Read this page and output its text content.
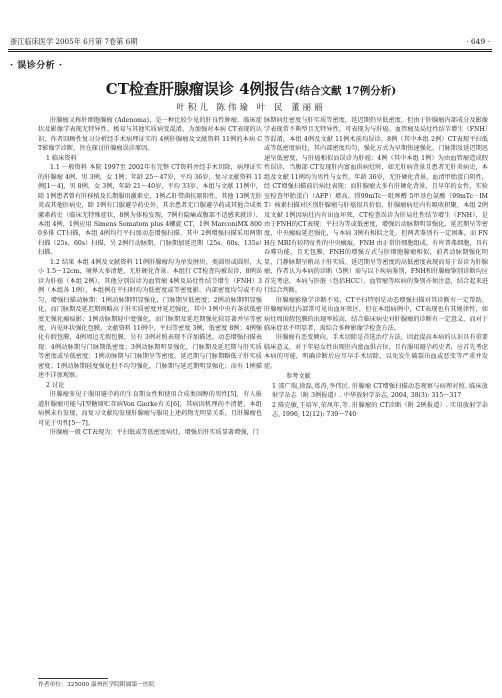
浙江临床医学 2005年 6月第 7卷第 6期	· 649 ·
· 误诊分析 ·
CT检查肝腺瘤误诊 4例报告(结合文献 17例分析)
叶积儿 陈伟瑜 叶 民 董丽丽

肝腺瘤又称肝细胞腺瘤 (Adenoma)，是一种比较少见的肝良性肿瘤，临床症状及影像学表现无特异性，极易与其他实质病变混淆，为加强对本病 CT表现的认识，作者回顾性复习分析经手术病理证实的 4例肝腺瘤及文献资料 11例的本病 CT影像学诊断，旨在探讨肝腺瘤误诊原因。

1 临床资料

1.1 一般资料 本院 1997至 2002年有完整 CT资料并经手术切除，病理证实的肝腺瘤 4例，男 3例，女 1例；年龄 25～47岁，平均 36岁，复习文献资料 11例[1～4]，男 8例，女 3例，年龄 21～40岁，平均 33岁，本组与文献 11例中，除 1例患者曾有肝移植及长期服用激素史，1例乙肝带菌抗原阳性，其他 13例无肝炎或其他肝病史，除 1例有口服避孕药史外，其余患者无口服避孕药或其他合成类激素药史（临床无特殊症状，8例为体检发现，7例有隐痛或腹部不适感来就诊）。本组 4例，1例应用 Simens Somatom plus 4螺旋 CT，1例 MarconiMX 8000多排 CT扫描，本组 4例均行平扫加动态增强扫描，其中 2例增强扫描采用两期扫描（25s、60s）扫描，另 2例行动脉期、门脉期加延迟期（25s、60s、135s）扫描。

1.2 结果 本组 4例及文献资料 11例肝腺瘤均为单发肿块，类圆形或圆形，大小 1.5～12cm，境界大多清楚，无肝硬化背景。本组行 CT检查均被误诊，8例误诊为肝癌（本组 2例），其他分别误诊为血管瘤 4例及局灶性结节增生（FNH）3例（本组各 1例），本组例在平扫时均为低密度或等密度影，内部密度均匀或不均匀，增强扫描动脉期：1例动脉期明显强化，门脉期呈低密度；2例动脉期明显强化，而门脉期及延迟期则略高于肝实质密度并延迟强化，其中 1例中央有条状低密度无强化瘢痕影；1例动脉期轻中度强化，而门脉期及延迟期强化较显著并呈等密度，内见环状强化包膜，文献资料 11例中，平扫等密度 3例，低密度 8例；4例强化有假包膜，4例周边无假包膜，另有 3例对照表现不详加描述，动态增强扫描表现：4例动脉期与门脉期低密度；3例动脉期明显强化，门脉期及延迟期与肝实质等密度或呈低密度；1例动脉期与门脉期呈等密度，延迟期与门脉期略低于肝实质密度；1例动脉期轻度强化但不均匀强化，门脉期与延迟期明显强化；而有 1例描述不详加观察。

2 讨论

肝腺瘤多见于服用避孕药的生育期女性和使用合成类固醇的男性[5]，有人报道肝腺瘤可能与Ⅰ型糖原贮存病Von Gierke有关[6]，其病因机理尚不清楚，本组病例未有发现，而复习文献均发现肝腺瘤与服用上述药物无明显关系，且肝腺瘤也可见于男性[5～7]。

肝腺瘤一般 CT表现为：平扫低或等低密度病灶，增强后肝实质显著增强，门

脉期病灶密度与肝实质等密度，延迟期仍呈低密度，但由于肝腺瘤内部成分及影像学表现常不典型且无特异性，可表现为与肝癌、血管瘤及局灶性结节增生（FNH）等混淆，本组 4例及文献 11例术前均误诊，8例（其中本组 2例）CT表现平扫低或等低密度病灶，其内部密度均匀，强化方式为早期快速强化，门脉期及延迟期迅速呈低密度，与肝癌相似而误诊为肝癌；4例（其中本组 1例）为由血管瘤造成假性误诊，当腹部 CT发现肝内富血供病灶时，如无肝病背景且患者无肝炎病史，本组及文献 11例均为男性与女性，年龄 36岁，无肝硬化背景，血清甲胎蛋白阴性，经 CT增强扫描前后病灶表现：而肝腺瘤大多有肝硬化背景，且早年的女性，实验室检查甲胎蛋白（AFP）增高，锝99mTc－吡哆醛 5甲基色氨酸（99mTc－IMT）核素扫描对区别肝腺瘤与肝癌很具价值，肝腺瘤病灶内有吸收积聚，本组 2例及文献 1例因病灶内有出血坏死，CT检查误诊为肝局灶性结节增生（FNH），是由于FNH的CT表现：平扫为等或低密度，增强后动脉期明显强化，延迟期呈等密度，中央瘢痕延迟强化，与本病 3例有相似之处，但两者鉴别有一定困难，而 FNH在 MRI有较特征性的中央瘢痕，FNH 由正常肝细胞组成，有库普弗细胞，具有吞噬功能，且无包膜，FNH的增强方式与肝细胞腺瘤相似，前者动脉期强化明显，门静脉期呈稍高于肝实质，延迟期呈等密度的高低密度表现而易于误诊为肝腺瘤，作者认为本病的诊断（5例）需与以下疾病鉴别，FNH和肝腺瘤鉴别诊断均应首先考虑，本病与肝脏（包括HCC）、血管瘤等疾病的鉴别亦须注意，结合起来进行综合判断。

肝腺瘤影像学诊断不易，CT平扫特别是动态增强扫描对其诊断有一定帮助，肝腺瘤病灶内部常可见出血坏死区，但在本组病例中，CT表现也有其规律性，如病灶周围假包膜的出现率较高，结合临床病史对肝腺瘤的诊断有一定意义，而对于临床症状不明显者，需综合多种影像学检查方法。

肝腺瘤有恶变倾向，手术切除是首选治疗方法，因此提高本病的认识具有重要临床意义，对于年轻女性出现肝内富血供占位，且有服用避孕药史者，应首先考虑本病的可能，明确诊断后应尽早手术切除，以免发生破裂出血或恶变等严重并发症。

参考文献

1 邵广瑞,徐磊,葛涛,李伟民. 肝腺瘤 CT增强扫描动态观察与病理对照. 临床放射学杂志（附 3例报道）. 中华放射学杂志, 2004, 38(3): 315～317

2 陈克敏,王培军,荣凤年,等. 肝腺瘤的 CT诊断（附 2例报道）. 实用放射学杂志, 1996, 12(12): 739～740

作者单位：325000 温州医学院附属第一医院
